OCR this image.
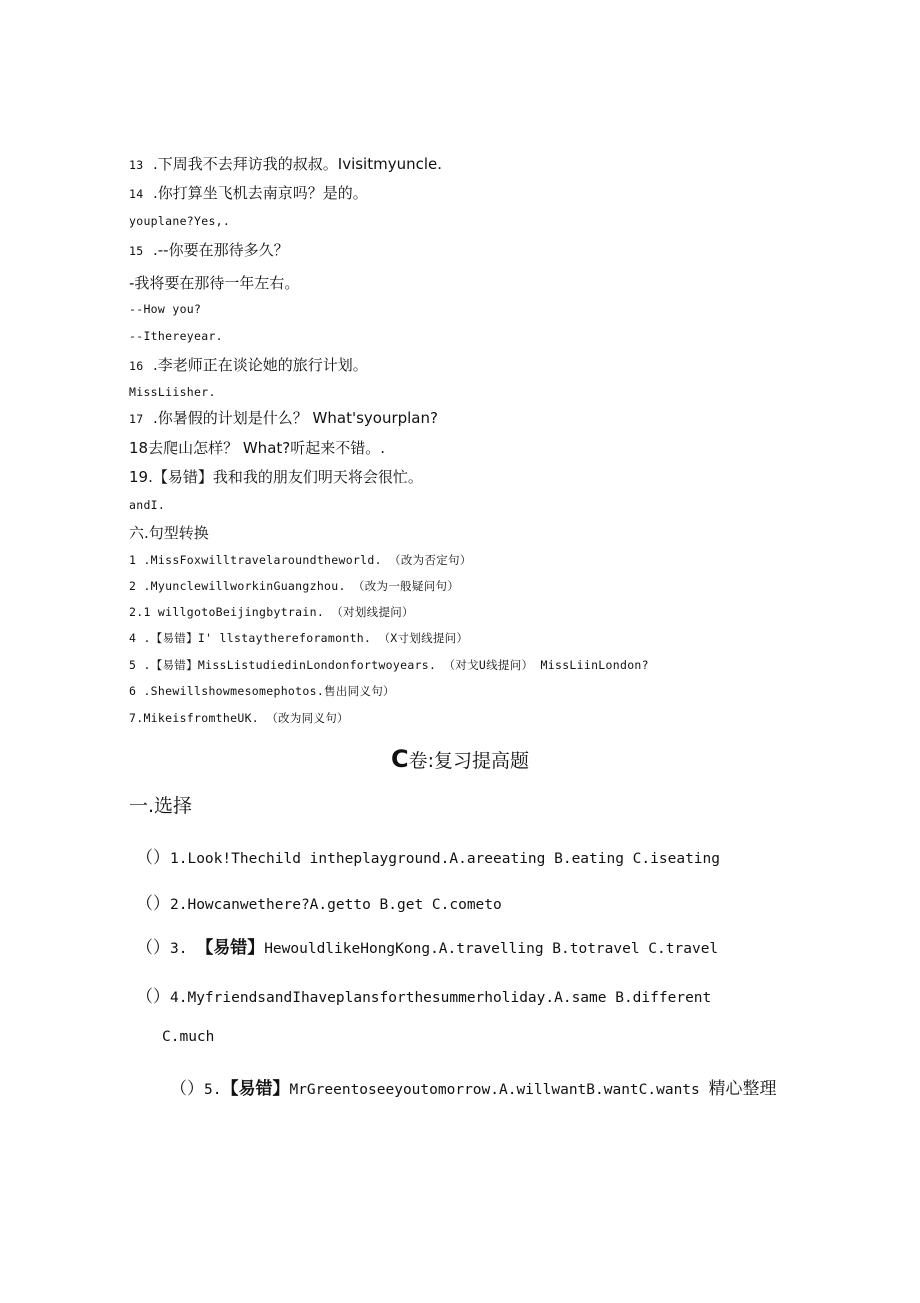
13 .下周我不去拜访我的叔叔。Ivisitmyuncle.
14 .你打算坐飞机去南京吗？是的。
youplane?Yes,.
15 .--你要在那待多久？
-我将要在那待一年左右。
--How you?
--Ithereyear.
16 .李老师正在谈论她的旅行计划。
MissLiisher.
17 .你暑假的计划是什么？ What'syourplan?
18去爬山怎样？ What?听起来不错。.
19.【易错】我和我的朋友们明天将会很忙。
andI.
六.句型转换
1 .MissFoxwilltravelaroundtheworld. （改为否定句）
2 .MyunclewillworkinGuangzhou. （改为一般疑问句）
2.1 willgotoBeijingbytrain. （对划线提问）
4 .【易错】I' llstaythereforamonth. （X寸划线提问）
5 .【易错】MissListudiedinLondonfortwoyears. （对戈U线提问） MissLiinLondon?
6 .Shewillshowmesomephotos.售出同义句）
7.MikeisfromtheUK. （改为同义句）
C卷:复习提高题
一.选择
（）1.Look!Thechild intheplayground.A.areeating B.eating C.iseating
（）2.Howcanwethere?A.getto B.get C.cometo
（）3. 【易错】HewouldlikeHongKong.A.travelling B.totravel C.travel
（）4.MyfriendsandIhaveplansforthesummerholiday.A.same B.different
C.much
（）5.【易错】MrGreentoseeyoutomorrow.A.willwantB.wantC.wants 精心整理
